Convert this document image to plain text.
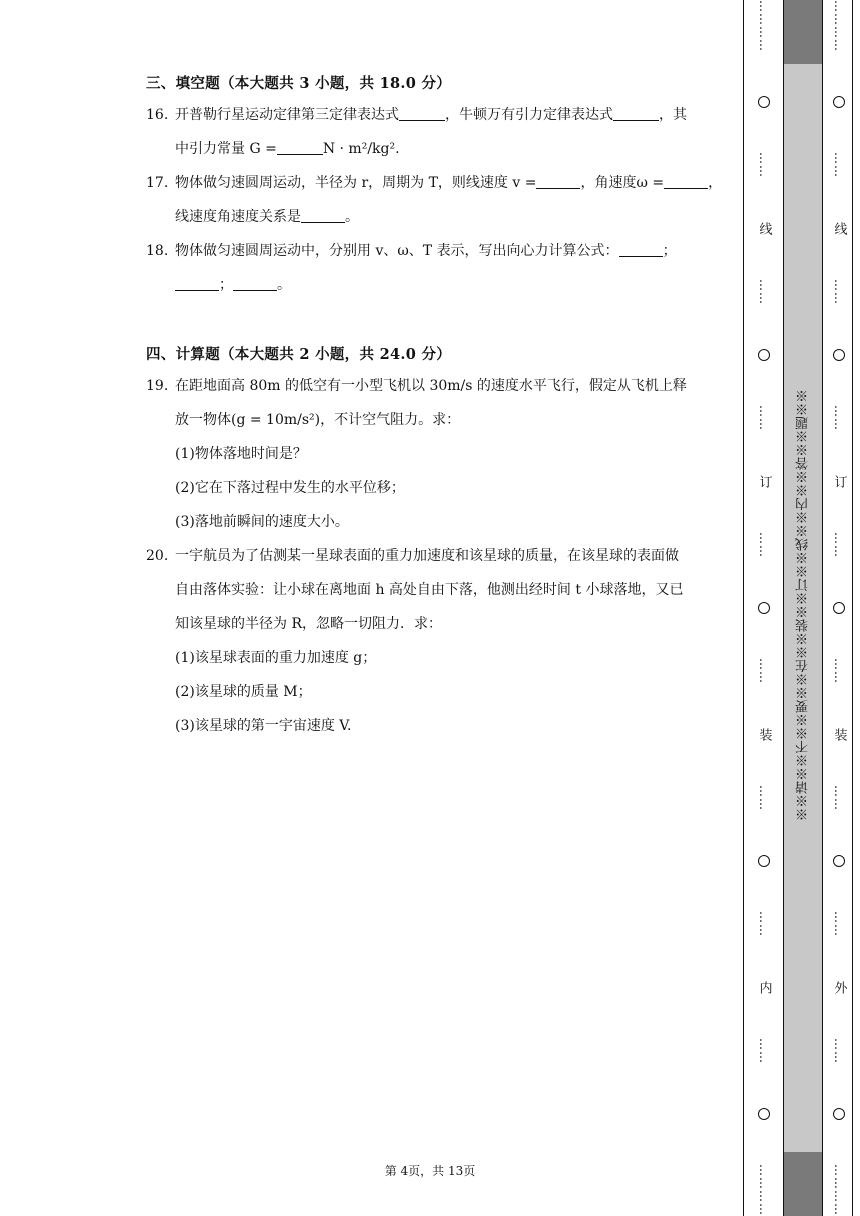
三、填空题（本大题共 3 小题，共 18.0 分）
16. 开普勒行星运动定律第三定律表达式	，牛顿万有引力定律表达式	，其
中引力常量 G =	N · m²/kg².
17. 物体做匀速圆周运动，半径为 r，周期为 T，则线速度 v =	，角速度ω =	，
线速度角速度关系是	。
18. 物体做匀速圆周运动中，分别用 v、ω、T 表示，写出向心力计算公式：	；
；	。
四、计算题（本大题共 2 小题，共 24.0 分）
19. 在距地面高 80m 的低空有一小型飞机以 30m/s 的速度水平飞行，假定从飞机上释
放一物体(g = 10m/s²)，不计空气阻力。求：
(1)物体落地时间是？
(2)它在下落过程中发生的水平位移；
(3)落地前瞬间的速度大小。
20. 一宇航员为了估测某一星球表面的重力加速度和该星球的质量，在该星球的表面做
自由落体实验：让小球在离地面 h 高处自由下落，他测出经时间 t 小球落地，又已
知该星球的半径为 R，忽略一切阻力．求：
(1)该星球表面的重力加速度 g；
(2)该星球的质量 M；
(3)该星球的第一宇宙速度 V.
第 4页，共 13页
※※请※※不※※要※※在※※装※※订※※线※※内※※答※※题※※
…………
……
线
……
……
订
……
……
装
……
……
内
……
…………
…………
……
线
……
……
订
……
……
装
……
……
外
……
…………
